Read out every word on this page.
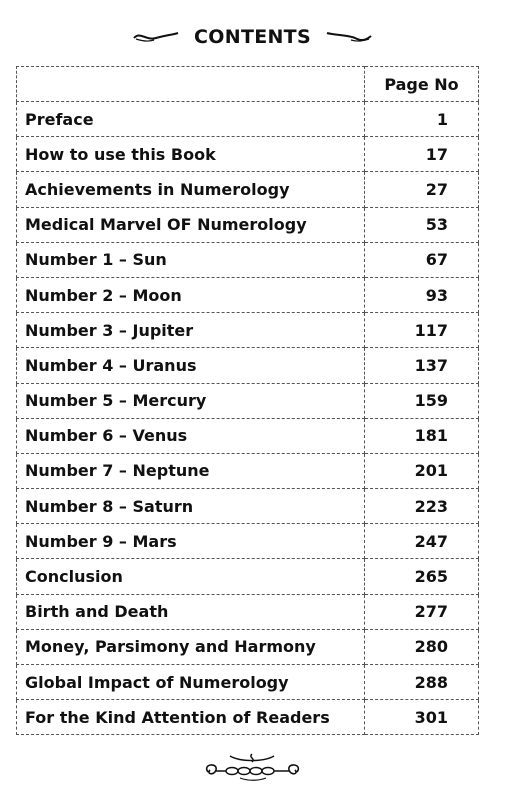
CONTENTS
	Page No
Preface	1
How to use this Book	17
Achievements in Numerology	27
Medical Marvel OF Numerology	53
Number 1 – Sun	67
Number 2 – Moon	93
Number 3 – Jupiter	117
Number 4 – Uranus	137
Number 5 – Mercury	159
Number 6 – Venus	181
Number 7 – Neptune	201
Number 8 – Saturn	223
Number 9 – Mars	247
Conclusion	265
Birth and Death	277
Money, Parsimony and Harmony	280
Global Impact of Numerology	288
For the Kind Attention of Readers	301
